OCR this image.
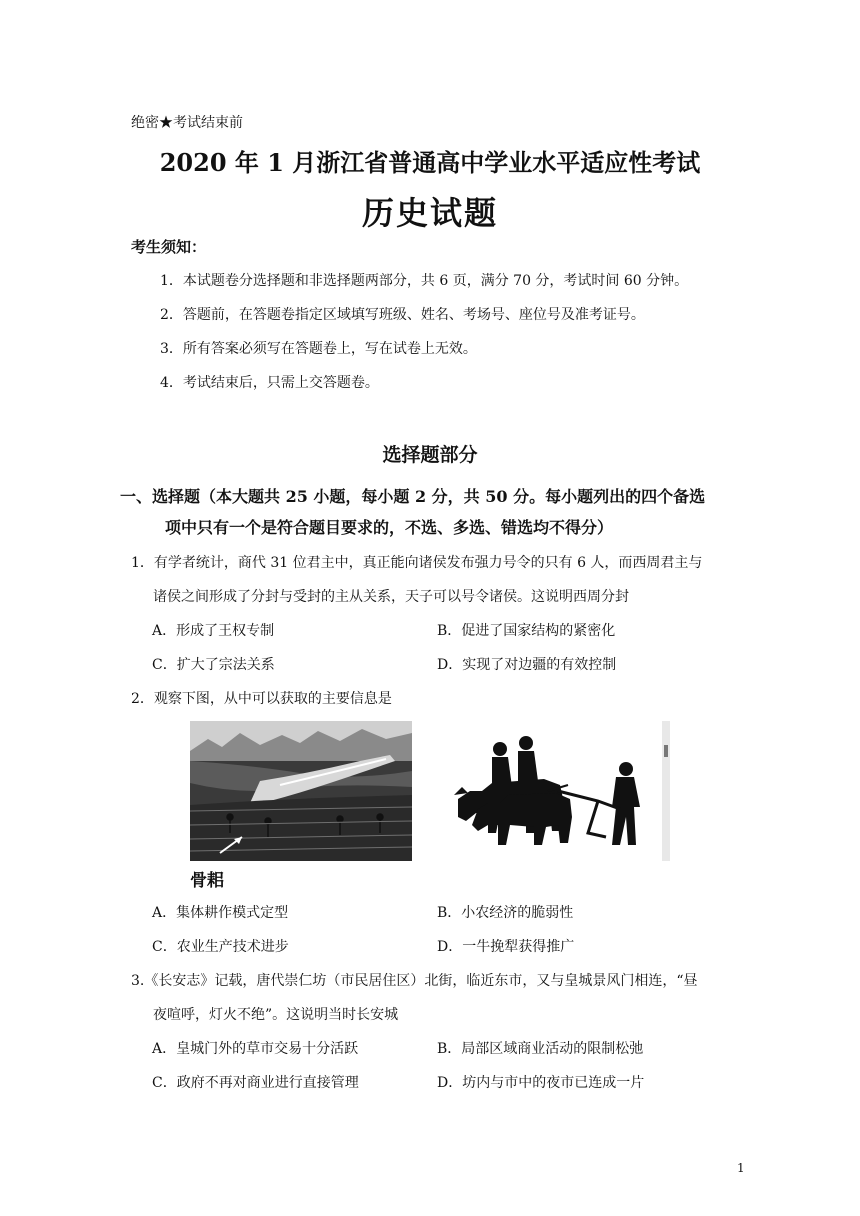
绝密★考试结束前
2020 年 1 月浙江省普通高中学业水平适应性考试
历史试题
考生须知：
1．本试题卷分选择题和非选择题两部分，共 6 页，满分 70 分，考试时间 60 分钟。
2．答题前，在答题卷指定区域填写班级、姓名、考场号、座位号及准考证号。
3．所有答案必须写在答题卷上，写在试卷上无效。
4．考试结束后，只需上交答题卷。
选择题部分
一、选择题（本大题共 25 小题，每小题 2 分，共 50 分。每小题列出的四个备选
项中只有一个是符合题目要求的，不选、多选、错选均不得分）
1．有学者统计，商代 31 位君主中，真正能向诸侯发布强力号令的只有 6 人，而西周君主与
诸侯之间形成了分封与受封的主从关系，天子可以号令诸侯。这说明西周分封
A．形成了王权专制	B．促进了国家结构的紧密化
C．扩大了宗法关系	D．实现了对边疆的有效控制
2．观察下图，从中可以获取的主要信息是
骨耜
A．集体耕作模式定型	B．小农经济的脆弱性
C．农业生产技术进步	D．一牛挽犁获得推广
3.《长安志》记载，唐代崇仁坊（市民居住区）北街，临近东市，又与皇城景风门相连，“昼
夜喧呼，灯火不绝”。这说明当时长安城
A．皇城门外的草市交易十分活跃	B．局部区域商业活动的限制松弛
C．政府不再对商业进行直接管理	D．坊内与市中的夜市已连成一片
1
